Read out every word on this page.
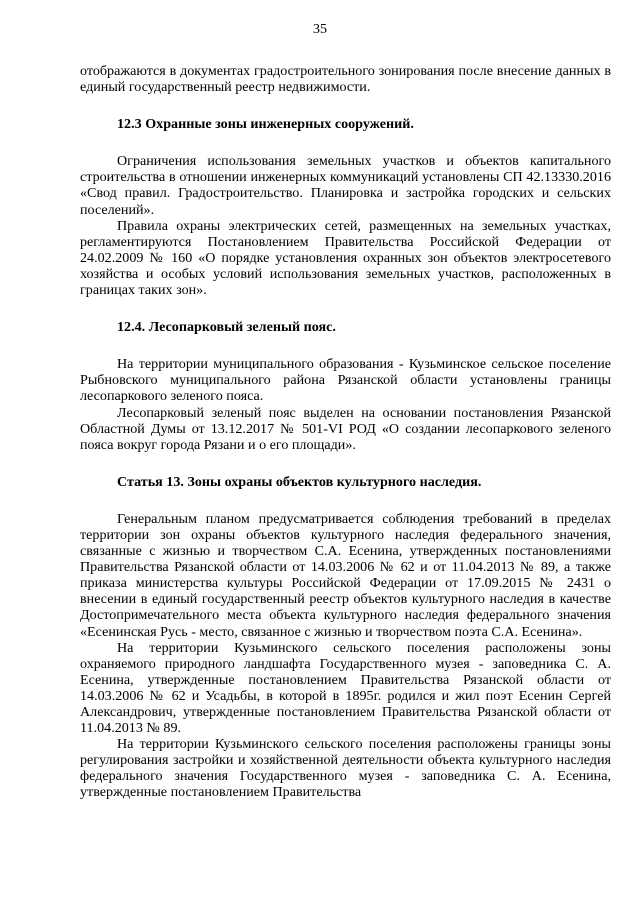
35

отображаются в документах градостроительного зонирования после внесение данных в единый государственный реестр недвижимости.

12.3 Охранные зоны инженерных сооружений.

Ограничения использования земельных участков и объектов капитального строительства в отношении инженерных коммуникаций установлены СП 42.13330.2016 «Свод правил. Градостроительство. Планировка и застройка городских и сельских поселений».

Правила охраны электрических сетей, размещенных на земельных участках, регламентируются Постановлением Правительства Российской Федерации от 24.02.2009 № 160 «О порядке установления охранных зон объектов электросетевого хозяйства и особых условий использования земельных участков, расположенных в границах таких зон».

12.4. Лесопарковый зеленый пояс.

На территории муниципального образования - Кузьминское сельское поселение Рыбновского муниципального района Рязанской области установлены границы лесопаркового зеленого пояса.

Лесопарковый зеленый пояс выделен на основании постановления Рязанской Областной Думы от 13.12.2017 № 501-VI РОД «О создании лесопаркового зеленого пояса вокруг города Рязани и о его площади».

Статья 13. Зоны охраны объектов культурного наследия.

Генеральным планом предусматривается соблюдения требований в пределах территории зон охраны объектов культурного наследия федерального значения, связанные с жизнью и творчеством С.А. Есенина, утвержденных постановлениями Правительства Рязанской области от 14.03.2006 № 62 и от 11.04.2013 № 89, а также приказа министерства культуры Российской Федерации от 17.09.2015 № 2431 о внесении в единый государственный реестр объектов культурного наследия в качестве Достопримечательного места объекта культурного наследия федерального значения «Есенинская Русь - место, связанное с жизнью и творчеством поэта С.А. Есенина».

На территории Кузьминского сельского поселения расположены зоны охраняемого природного ландшафта Государственного музея - заповедника С. А. Есенина, утвержденные постановлением Правительства Рязанской области от 14.03.2006 № 62 и Усадьбы, в которой в 1895г. родился и жил поэт Есенин Сергей Александрович, утвержденные постановлением Правительства Рязанской области от 11.04.2013 № 89.

На территории Кузьминского сельского поселения расположены границы зоны регулирования застройки и хозяйственной деятельности объекта культурного наследия федерального значения Государственного музея - заповедника С. А. Есенина, утвержденные постановлением Правительства
